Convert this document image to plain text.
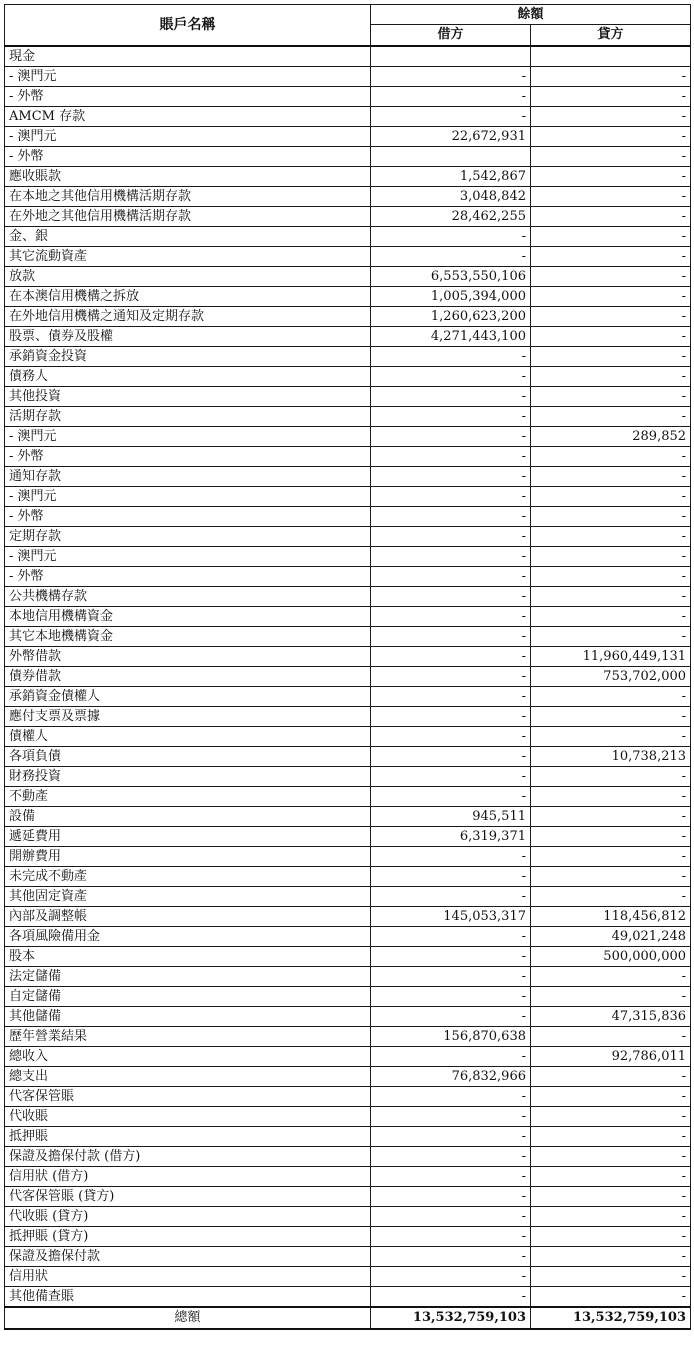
賬戶名稱	餘額	
	借方	貸方
現金		
- 澳門元	-	-
- 外幣	-	-
AMCM 存款	-	-
- 澳門元	22,672,931	-
- 外幣		-
應收賬款	1,542,867	-
在本地之其他信用機構活期存款	3,048,842	-
在外地之其他信用機構活期存款	28,462,255	-
金、銀	-	-
其它流動資產	-	-
放款	6,553,550,106	-
在本澳信用機構之拆放	1,005,394,000	-
在外地信用機構之通知及定期存款	1,260,623,200	-
股票、債券及股權	4,271,443,100	-
承銷資金投資	-	-
債務人	-	-
其他投資	-	-
活期存款	-	-
- 澳門元	-	289,852
- 外幣	-	-
通知存款	-	-
- 澳門元	-	-
- 外幣	-	-
定期存款	-	-
- 澳門元	-	-
- 外幣	-	-
公共機構存款	-	-
本地信用機構資金	-	-
其它本地機構資金	-	-
外幣借款	-	11,960,449,131
債券借款	-	753,702,000
承銷資金債權人	-	-
應付支票及票據	-	-
債權人	-	-
各項負債	-	10,738,213
財務投資	-	-
不動產	-	-
設備	945,511	-
遞延費用	6,319,371	-
開辦費用	-	-
未完成不動產	-	-
其他固定資產	-	-
內部及調整帳	145,053,317	118,456,812
各項風險備用金	-	49,021,248
股本	-	500,000,000
法定儲備	-	-
自定儲備	-	-
其他儲備	-	47,315,836
歷年營業結果	156,870,638	-
總收入	-	92,786,011
總支出	76,832,966	-
代客保管賬	-	-
代收賬	-	-
抵押賬	-	-
保證及擔保付款 (借方)	-	-
信用狀 (借方)	-	-
代客保管賬 (貸方)	-	-
代收賬 (貸方)	-	-
抵押賬 (貸方)	-	-
保證及擔保付款	-	-
信用狀	-	-
其他備查賬	-	-
總額	13,532,759,103	13,532,759,103
